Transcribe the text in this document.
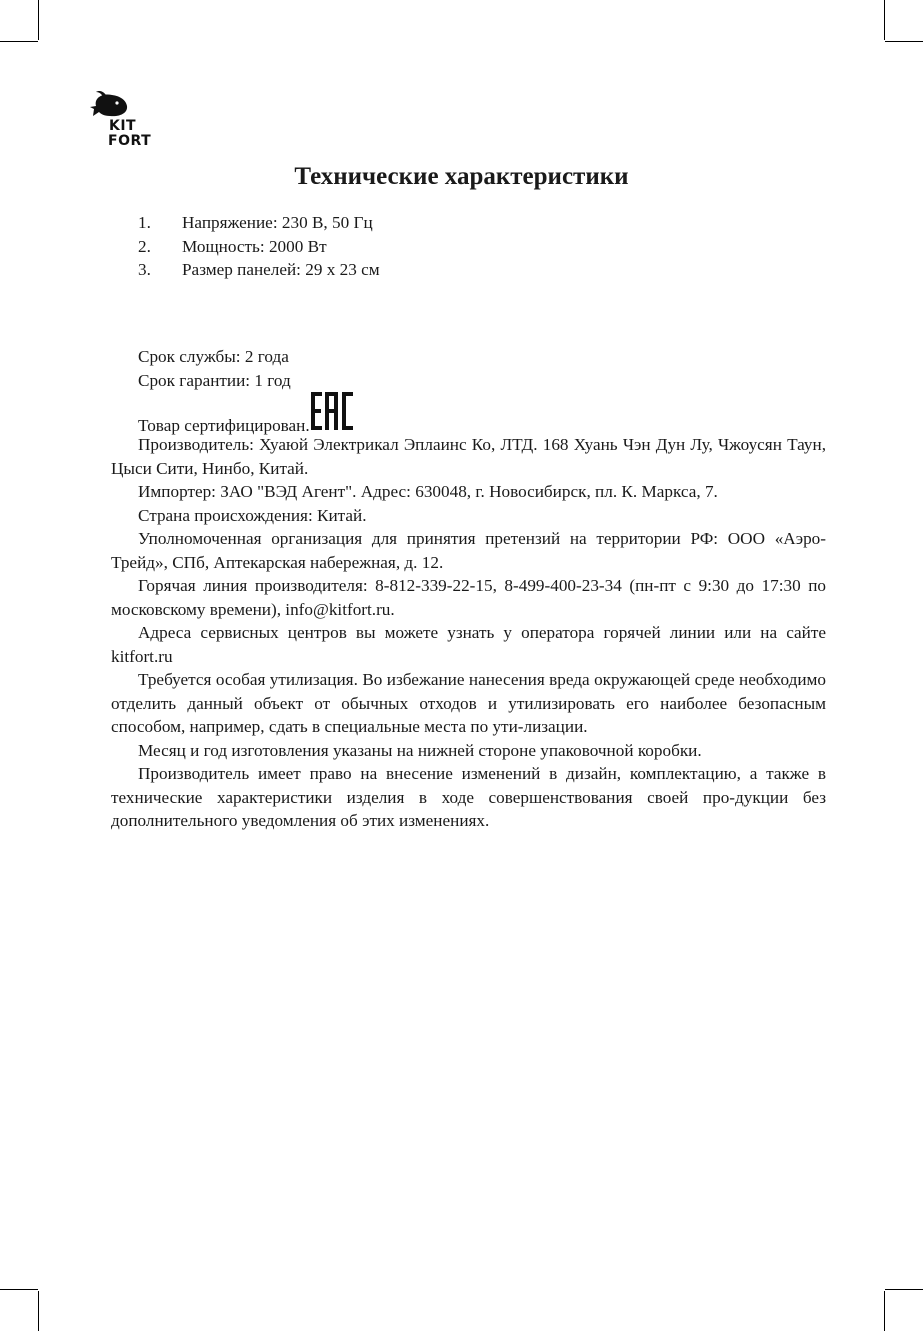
KIT
FORT
Технические характеристики
1.	Напряжение: 230 В, 50 Гц
2.	Мощность: 2000 Вт
3.	Размер панелей: 29 х 23 см
Срок службы: 2 года
Срок гарантии: 1 год
Товар сертифицирован.

Производитель: Хуаюй Электрикал Эплаинс Ко, ЛТД. 168 Хуань Чэн Дун Лу, Чжоусян Таун, Цыси Сити, Нинбо, Китай.

Импортер: ЗАО "ВЭД Агент". Адрес: 630048, г. Новосибирск, пл. К. Маркса, 7.

Страна происхождения: Китай.

Уполномоченная организация для принятия претензий на территории РФ: ООО «Аэро-Трейд», СПб, Аптекарская набережная, д. 12.

Горячая линия производителя: 8-812-339-22-15, 8-499-400-23-34 (пн-пт с 9:30 до 17:30 по московскому времени), info@kitfort.ru.

Адреса сервисных центров вы можете узнать у оператора горячей линии или на сайте kitfort.ru

Требуется особая утилизация. Во избежание нанесения вреда окружающей среде необходимо отделить данный объект от обычных отходов и утилизировать его наиболее безопасным способом, например, сдать в специальные места по ути-лизации.

Месяц и год изготовления указаны на нижней стороне упаковочной коробки.

Производитель имеет право на внесение изменений в дизайн, комплектацию, а также в технические характеристики изделия в ходе совершенствования своей про-дукции без дополнительного уведомления об этих изменениях.
